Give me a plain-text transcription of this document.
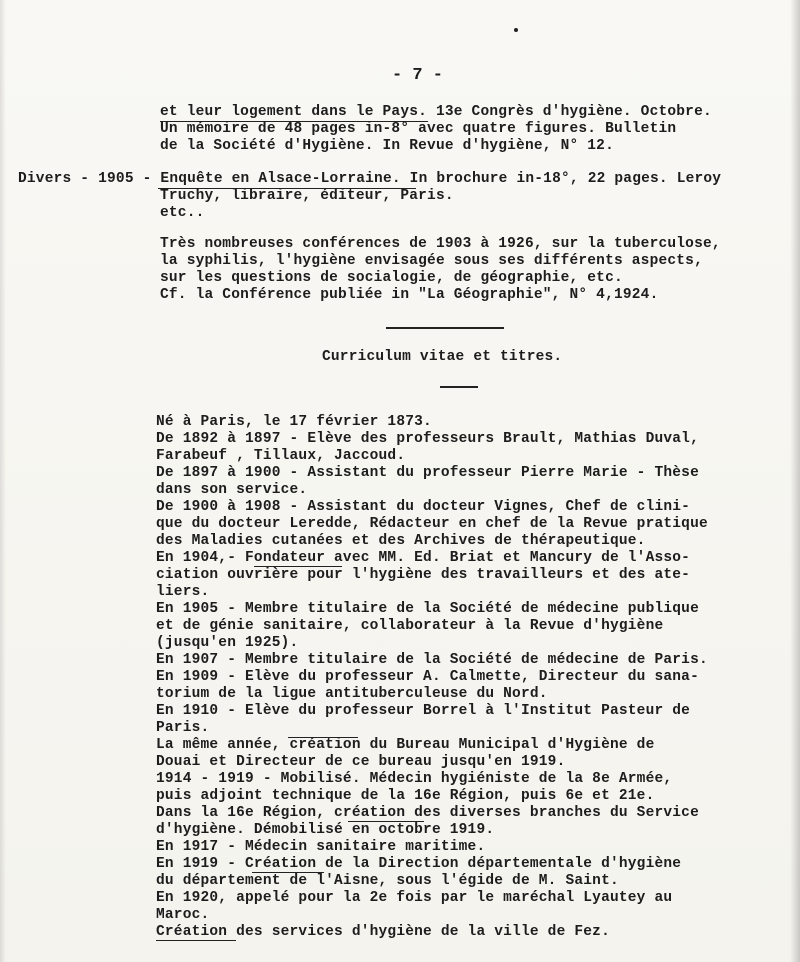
- 7 -
et leur logement dans le Pays. 13e Congrès d'hygiène. Octobre.
Un mémoire de 48 pages in-8° avec quatre figures. Bulletin
de la Société d'Hygiène. In Revue d'hygiène, N° 12.
Divers - 1905 - Enquête en Alsace-Lorraine. In brochure in-18°, 22 pages. Leroy
Truchy, libraire, éditeur, Paris.
etc..
Très nombreuses conférences de 1903 à 1926, sur la tuberculose,
la syphilis, l'hygiène envisagée sous ses différents aspects,
sur les questions de socialogie, de géographie, etc.
Cf. la Conférence publiée in "La Géographie", N° 4,1924.
Curriculum vitae et titres.
Né à Paris, le 17 février 1873.
De 1892 à 1897 - Elève des professeurs Brault, Mathias Duval,
Farabeuf , Tillaux, Jaccoud.
De 1897 à 1900 - Assistant du professeur Pierre Marie - Thèse
dans son service.
De 1900 à 1908 - Assistant du docteur Vignes, Chef de clini-
que du docteur Leredde, Rédacteur en chef de la Revue pratique
des Maladies cutanées et des Archives de thérapeutique.
En 1904,- Fondateur avec MM. Ed. Briat et Mancury de l'Asso-
ciation ouvrière pour l'hygiène des travailleurs et des ate-
liers.
En 1905 - Membre titulaire de la Société de médecine publique
et de génie sanitaire, collaborateur à la Revue d'hygiène
(jusqu'en 1925).
En 1907 - Membre titulaire de la Société de médecine de Paris.
En 1909 - Elève du professeur A. Calmette, Directeur du sana-
torium de la ligue antituberculeuse du Nord.
En 1910 - Elève du professeur Borrel à l'Institut Pasteur de
Paris.
La même année, création du Bureau Municipal d'Hygiène de
Douai et Directeur de ce bureau jusqu'en 1919.
1914 - 1919 - Mobilisé. Médecin hygiéniste de la 8e Armée,
puis adjoint technique de la 16e Région, puis 6e et 21e.
Dans la 16e Région, création des diverses branches du Service
d'hygiène. Démobilisé en octobre 1919.
En 1917 - Médecin sanitaire maritime.
En 1919 - Création de la Direction départementale d'hygiène
du département de l'Aisne, sous l'égide de M. Saint.
En 1920, appelé pour la 2e fois par le maréchal Lyautey au
Maroc.
Création des services d'hygiène de la ville de Fez.
